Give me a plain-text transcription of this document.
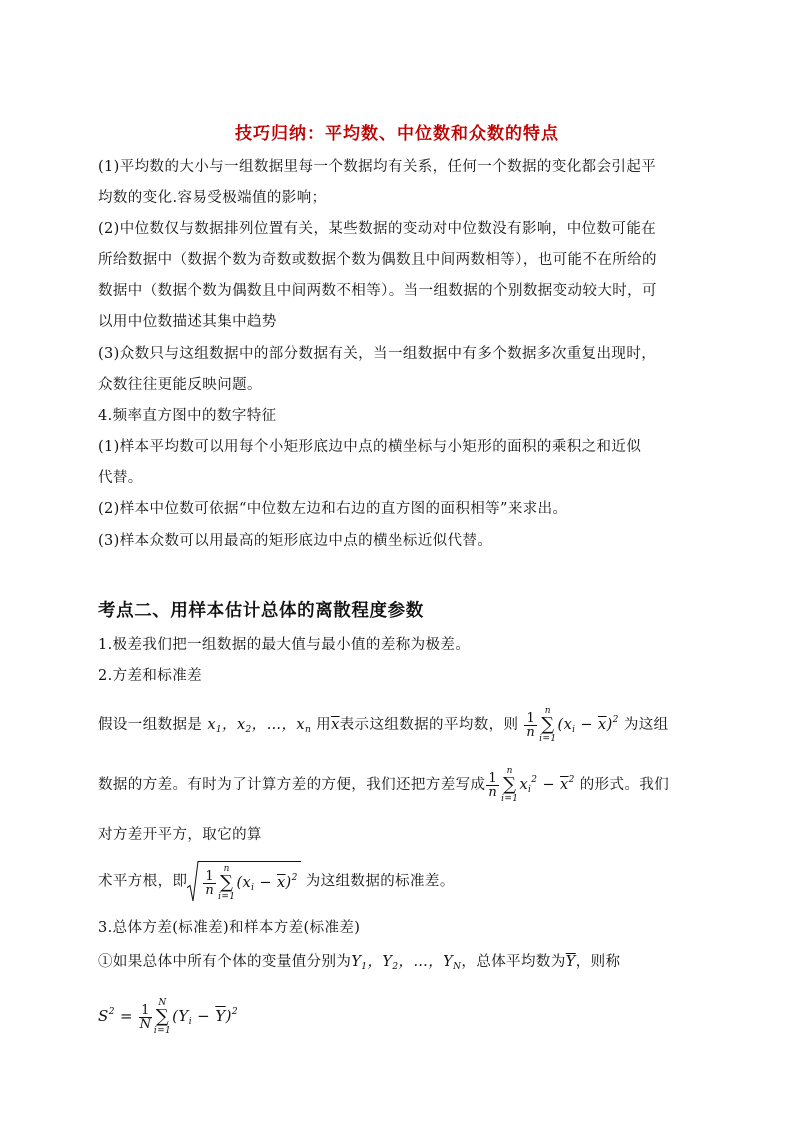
技巧归纳：平均数、中位数和众数的特点
(1)平均数的大小与一组数据里每一个数据均有关系，任何一个数据的变化都会引起平
均数的变化.容易受极端值的影响；
(2)中位数仅与数据排列位置有关，某些数据的变动对中位数没有影响，中位数可能在
所给数据中（数据个数为奇数或数据个数为偶数且中间两数相等），也可能不在所给的
数据中（数据个数为偶数且中间两数不相等）。当一组数据的个别数据变动较大时，可
以用中位数描述其集中趋势
(3)众数只与这组数据中的部分数据有关，当一组数据中有多个数据多次重复出现时，
众数往往更能反映问题。
4.频率直方图中的数字特征
(1)样本平均数可以用每个小矩形底边中点的横坐标与小矩形的面积的乘积之和近似
代替。
(2)样本中位数可依据“中位数左边和右边的直方图的面积相等”来求出。
(3)样本众数可以用最高的矩形底边中点的横坐标近似代替。
考点二、用样本估计总体的离散程度参数
1.极差我们把一组数据的最大值与最小值的差称为极差。
2.方差和标准差
假设一组数据是 $x_1$，$x_2$，…，$x_n$ 用$\overline{x}$表示这组数据的平均数，则 $\frac{1}{n}$
n
∑
i=1
$(x_i - \overline{x})^2$ 为这组
数据的方差。有时为了计算方差的方便，我们还把方差写成 $\frac{1}{n}$
n
∑
i=1
$x_i^2 - \overline{x}^2$ 的形式。我们
对方差开平方，取它的算
术平方根，即 $\frac{1}{n}$
n
∑
i=1
$(x_i - \overline{x})^2$ 为这组数据的标准差。
3.总体方差(标准差)和样本方差(标准差)
①如果总体中所有个体的变量值分别为$Y_1$，$Y_2$，…，$Y_N$，总体平均数为$\overline{Y}$，则称
$S^2 = \frac{1}{N}$
N
∑
i=1
$(Y_i - \overline{Y})^2$
